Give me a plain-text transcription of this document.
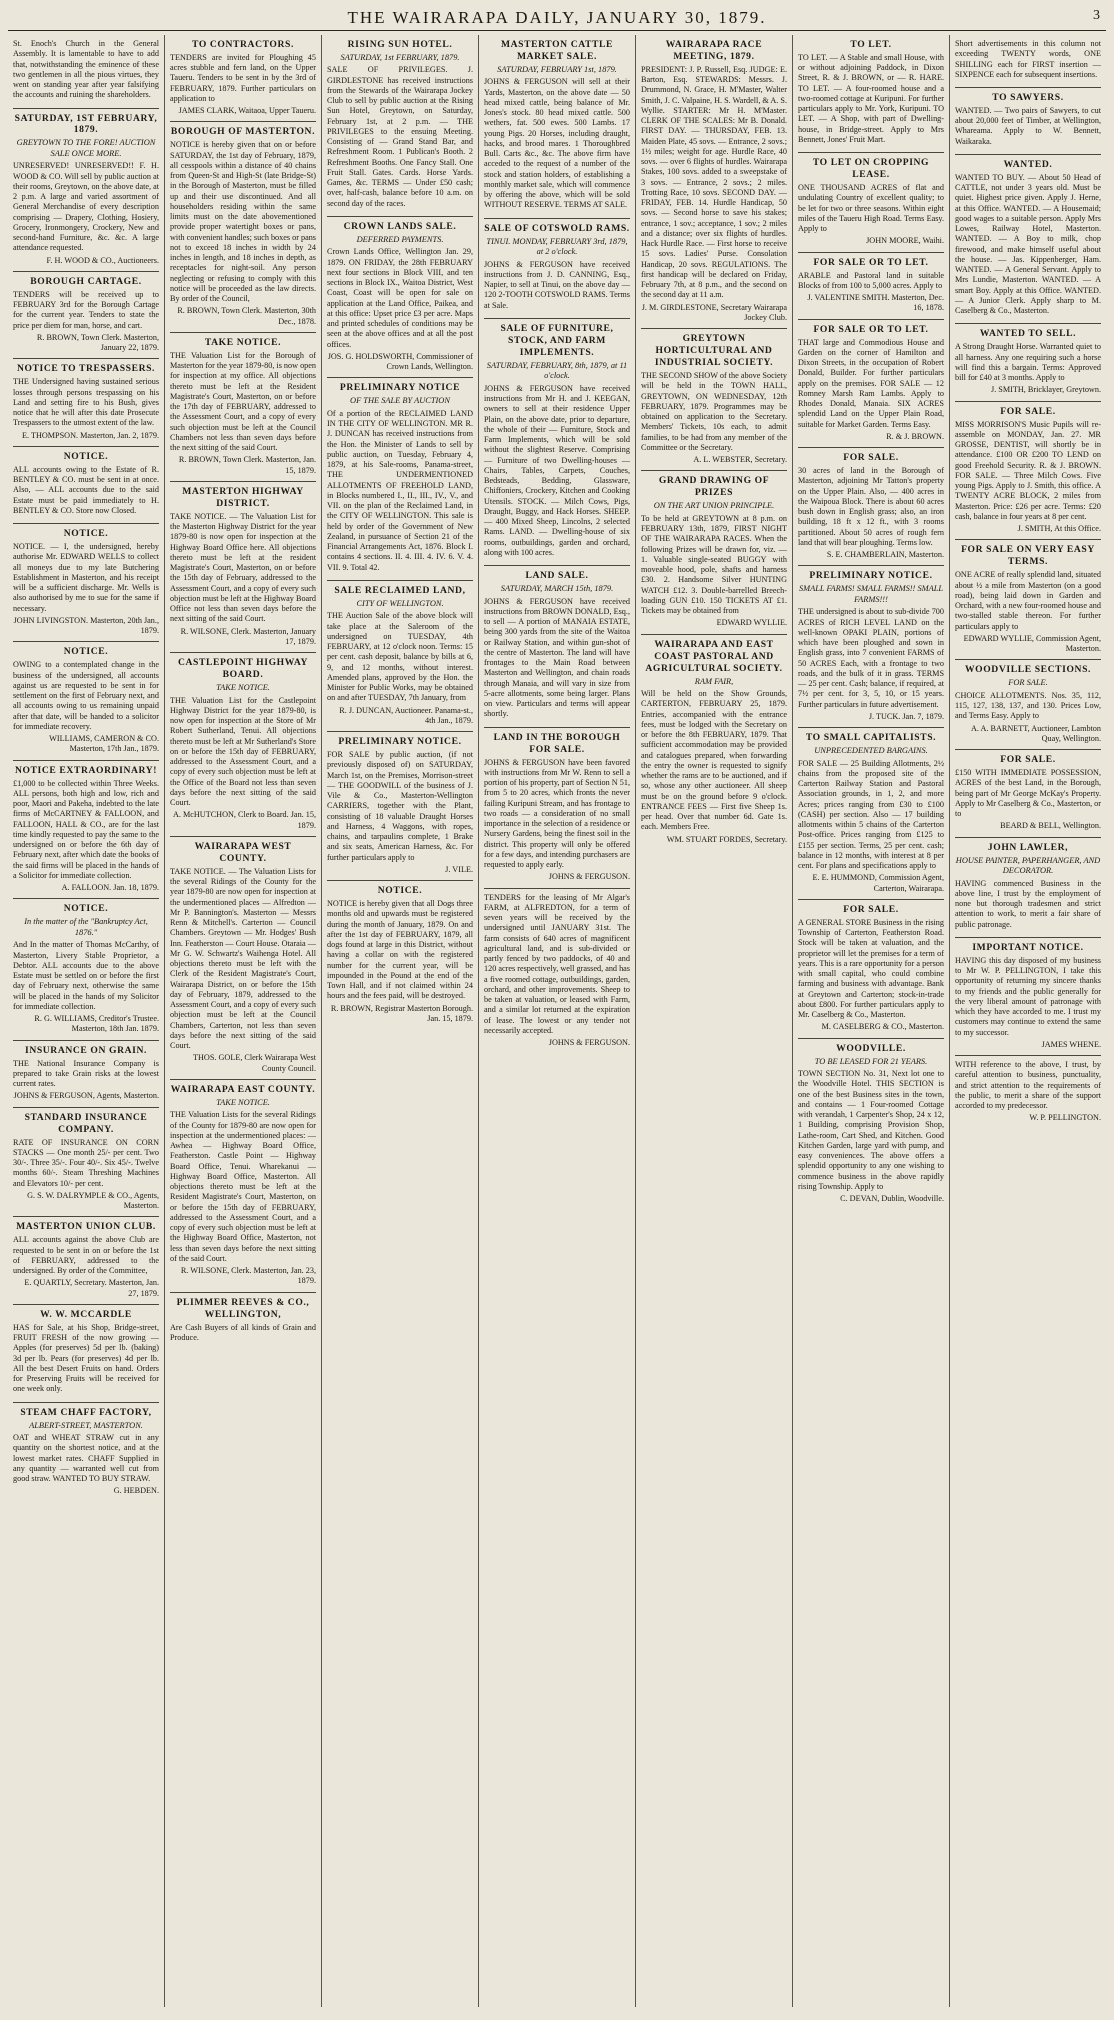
THE WAIRARAPA DAILY, JANUARY 30, 1879.	3
St. Enoch's Church in the General Assembly. It is lamentable to have to add that, notwithstanding the eminence of these two gentlemen in all the pious virtues, they went on standing year after year falsifying the accounts and ruining the shareholders.
SATURDAY, 1ST FEBRUARY, 1879.
GREYTOWN TO THE FORE! AUCTION SALE ONCE MORE.
UNRESERVED! UNRESERVED!! F. H. WOOD & CO. Will sell by public auction at their rooms, Greytown, on the above date, at 2 p.m. A large and varied assortment of General Merchandise of every description comprising — Drapery, Clothing, Hosiery, Grocery, Ironmongery, Crockery, New and second-hand Furniture, &c. &c. A large attendance requested.
F. H. WOOD & CO., Auctioneers.
BOROUGH CARTAGE.
TENDERS will be received up to FEBRUARY 3rd for the Borough Cartage for the current year. Tenders to state the price per diem for man, horse, and cart.
R. BROWN, Town Clerk. Masterton, January 22, 1879.
NOTICE TO TRESPASSERS.
THE Undersigned having sustained serious losses through persons trespassing on his Land and setting fire to his Bush, gives notice that he will after this date Prosecute Trespassers to the utmost extent of the law.
E. THOMPSON. Masterton, Jan. 2, 1879.
NOTICE.
ALL accounts owing to the Estate of R. BENTLEY & CO. must be sent in at once. Also, — ALL accounts due to the said Estate must be paid immediately to H. BENTLEY & CO. Store now Closed.
NOTICE.
NOTICE. — I, the undersigned, hereby authorise Mr. EDWARD WELLS to collect all moneys due to my late Butchering Establishment in Masterton, and his receipt will be a sufficient discharge. Mr. Wells is also authorised by me to sue for the same if necessary.
JOHN LIVINGSTON. Masterton, 20th Jan., 1879.
NOTICE.
OWING to a contemplated change in the business of the undersigned, all accounts against us are requested to be sent in for settlement on the first of February next, and all accounts owing to us remaining unpaid after that date, will be handed to a solicitor for immediate recovery.
WILLIAMS, CAMERON & CO. Masterton, 17th Jan., 1879.
NOTICE EXTRAORDINARY!
£1,000 to be collected within Three Weeks. ALL persons, both high and low, rich and poor, Maori and Pakeha, indebted to the late firms of McCARTNEY & FALLOON, and FALLOON, HALL & CO., are for the last time kindly requested to pay the same to the undersigned on or before the 6th day of February next, after which date the books of the said firms will be placed in the hands of a Solicitor for immediate collection.
A. FALLOON. Jan. 18, 1879.
NOTICE.
In the matter of the "Bankruptcy Act, 1876."
And In the matter of Thomas McCarthy, of Masterton, Livery Stable Proprietor, a Debtor. ALL accounts due to the above Estate must be settled on or before the first day of February next, otherwise the same will be placed in the hands of my Solicitor for immediate collection.
R. G. WILLIAMS, Creditor's Trustee. Masterton, 18th Jan. 1879.
INSURANCE ON GRAIN.
THE National Insurance Company is prepared to take Grain risks at the lowest current rates.
JOHNS & FERGUSON, Agents, Masterton.
STANDARD INSURANCE COMPANY.
RATE OF INSURANCE ON CORN STACKS — One month 25/- per cent. Two 30/-. Three 35/-. Four 40/-. Six 45/-. Twelve months 60/-. Steam Threshing Machines and Elevators 10/- per cent.
G. S. W. DALRYMPLE & CO., Agents, Masterton.
MASTERTON UNION CLUB.
ALL accounts against the above Club are requested to be sent in on or before the 1st of FEBRUARY, addressed to the undersigned. By order of the Committee,
E. QUARTLY, Secretary. Masterton, Jan. 27, 1879.
W. W. MCCARDLE
HAS for Sale, at his Shop, Bridge-street, FRUIT FRESH of the now growing — Apples (for preserves) 5d per lb. (baking) 3d per lb. Pears (for preserves) 4d per lb. All the best Desert Fruits on hand. Orders for Preserving Fruits will be received for one week only.
STEAM CHAFF FACTORY,
ALBERT-STREET, MASTERTON.
OAT and WHEAT STRAW cut in any quantity on the shortest notice, and at the lowest market rates. CHAFF Supplied in any quantity — warranted well cut from good straw. WANTED TO BUY STRAW.
G. HEBDEN.
TO CONTRACTORS.
TENDERS are invited for Ploughing 45 acres stubble and fern land, on the Upper Taueru. Tenders to be sent in by the 3rd of FEBRUARY, 1879. Further particulars on application to
JAMES CLARK, Waitaoa, Upper Taueru.
BOROUGH OF MASTERTON.
NOTICE is hereby given that on or before SATURDAY, the 1st day of February, 1879, all cesspools within a distance of 40 chains from Queen-St and High-St (late Bridge-St) in the Borough of Masterton, must be filled up and their use discontinued. And all householders residing within the same limits must on the date abovementioned provide proper watertight boxes or pans, with convenient handles; such boxes or pans not to exceed 18 inches in width by 24 inches in length, and 18 inches in depth, as receptacles for night-soil. Any person neglecting or refusing to comply with this notice will be proceeded as the law directs. By order of the Council,
R. BROWN, Town Clerk. Masterton, 30th Dec., 1878.
TAKE NOTICE.
THE Valuation List for the Borough of Masterton for the year 1879-80, is now open for inspection at my office. All objections thereto must be left at the Resident Magistrate's Court, Masterton, on or before the 17th day of FEBRUARY, addressed to the Assessment Court, and a copy of every such objection must be left at the Council Chambers not less than seven days before the next sitting of the said Court.
R. BROWN, Town Clerk. Masterton, Jan. 15, 1879.
MASTERTON HIGHWAY DISTRICT.
TAKE NOTICE. — The Valuation List for the Masterton Highway District for the year 1879-80 is now open for inspection at the Highway Board Office here. All objections thereto must be left at the resident Magistrate's Court, Masterton, on or before the 15th day of February, addressed to the Assessment Court, and a copy of every such objection must be left at the Highway Board Office not less than seven days before the next sitting of the said Court.
R. WILSONE, Clerk. Masterton, January 17, 1879.
CASTLEPOINT HIGHWAY BOARD.
TAKE NOTICE.
THE Valuation List for the Castlepoint Highway District for the year 1879-80, is now open for inspection at the Store of Mr Robert Sutherland, Tenui. All objections thereto must be left at Mr Sutherland's Store on or before the 15th day of FEBRUARY, addressed to the Assessment Court, and a copy of every such objection must be left at the Office of the Board not less than seven days before the next sitting of the said Court.
A. McHUTCHON, Clerk to Board. Jan. 15, 1879.
WAIRARAPA WEST COUNTY.
TAKE NOTICE. — The Valuation Lists for the several Ridings of the County for the year 1879-80 are now open for inspection at the undermentioned places — Alfredton — Mr P. Bannington's. Masterton — Messrs Renn & Mitchell's. Carterton — Council Chambers. Greytown — Mr. Hodges' Bush Inn. Featherston — Court House. Otaraia — Mr G. W. Schwartz's Waihenga Hotel. All objections thereto must be left with the Clerk of the Resident Magistrate's Court, Wairarapa District, on or before the 15th day of February, 1879, addressed to the Assessment Court, and a copy of every such objection must be left at the Council Chambers, Carterton, not less than seven days before the next sitting of the said Court.
THOS. GOLE, Clerk Wairarapa West County Council.
WAIRARAPA EAST COUNTY.
TAKE NOTICE.
THE Valuation Lists for the several Ridings of the County for 1879-80 are now open for inspection at the undermentioned places: — Awhea — Highway Board Office, Featherston. Castle Point — Highway Board Office, Tenui. Wharekanui — Highway Board Office, Masterton. All objections thereto must be left at the Resident Magistrate's Court, Masterton, on or before the 15th day of FEBRUARY, addressed to the Assessment Court, and a copy of every such objection must be left at the Highway Board Office, Masterton, not less than seven days before the next sitting of the said Court.
R. WILSONE, Clerk. Masterton, Jan. 23, 1879.
PLIMMER REEVES & CO., WELLINGTON,
Are Cash Buyers of all kinds of Grain and Produce.
RISING SUN HOTEL.
SATURDAY, 1st FEBRUARY, 1879.
SALE OF PRIVILEGES. J. GIRDLESTONE has received instructions from the Stewards of the Wairarapa Jockey Club to sell by public auction at the Rising Sun Hotel, Greytown, on Saturday, February 1st, at 2 p.m. — THE PRIVILEGES to the ensuing Meeting. Consisting of — Grand Stand Bar, and Refreshment Room. 1 Publican's Booth. 2 Refreshment Booths. One Fancy Stall. One Fruit Stall. Gates. Cards. Horse Yards. Games, &c. TERMS — Under £50 cash; over, half-cash, balance before 10 a.m. on second day of the races.
CROWN LANDS SALE.
DEFERRED PAYMENTS.
Crown Lands Office, Wellington Jan. 29, 1879. ON FRIDAY, the 28th FEBRUARY next four sections in Block VIII, and ten sections in Block IX., Waitoa District, West Coast, Coast will be open for sale on application at the Land Office, Paikea, and at this office: Upset price £3 per acre. Maps and printed schedules of conditions may be seen at the above offices and at all the post offices.
JOS. G. HOLDSWORTH, Commissioner of Crown Lands, Wellington.
PRELIMINARY NOTICE
OF THE SALE BY AUCTION
Of a portion of the RECLAIMED LAND IN THE CITY OF WELLINGTON. MR R. J. DUNCAN has received instructions from the Hon. the Minister of Lands to sell by public auction, on Tuesday, February 4, 1879, at his Sale-rooms, Panama-street, THE UNDERMENTIONED ALLOTMENTS OF FREEHOLD LAND, in Blocks numbered I., II., III., IV., V., and VII. on the plan of the Reclaimed Land, in the CITY OF WELLINGTON. This sale is held by order of the Government of New Zealand, in pursuance of Section 21 of the Financial Arrangements Act, 1876. Block I. contains 4 sections. II. 4. III. 4. IV. 6. V. 4. VII. 9. Total 42.
SALE RECLAIMED LAND,
CITY OF WELLINGTON.
THE Auction Sale of the above block will take place at the Saleroom of the undersigned on TUESDAY, 4th FEBRUARY, at 12 o'clock noon. Terms: 15 per cent. cash deposit, balance by bills at 6, 9, and 12 months, without interest. Amended plans, approved by the Hon. the Minister for Public Works, may be obtained on and after TUESDAY, 7th January, from
R. J. DUNCAN, Auctioneer. Panama-st., 4th Jan., 1879.
PRELIMINARY NOTICE.
FOR SALE by public auction, (if not previously disposed of) on SATURDAY, March 1st, on the Premises, Morrison-street — THE GOODWILL of the business of J. Vile & Co., Masterton-Wellington CARRIERS, together with the Plant, consisting of 18 valuable Draught Horses and Harness, 4 Waggons, with ropes, chains, and tarpaulins complete, 1 Brake and six seats, American Harness, &c. For further particulars apply to
J. VILE.
NOTICE.
NOTICE is hereby given that all Dogs three months old and upwards must be registered during the month of January, 1879. On and after the 1st day of FEBRUARY, 1879, all dogs found at large in this District, without having a collar on with the registered number for the current year, will be impounded in the Pound at the end of the Town Hall, and if not claimed within 24 hours and the fees paid, will be destroyed.
R. BROWN, Registrar Masterton Borough. Jan. 15, 1879.
MASTERTON CATTLE MARKET SALE.
SATURDAY, FEBRUARY 1st, 1879.
JOHNS & FERGUSON will sell at their Yards, Masterton, on the above date — 50 head mixed cattle, being balance of Mr. Jones's stock. 80 head mixed cattle. 500 wethers, fat. 500 ewes. 500 Lambs. 17 young Pigs. 20 Horses, including draught, hacks, and brood mares. 1 Thoroughbred Bull. Carts &c., &c. The above firm have acceded to the request of a number of the stock and station holders, of establishing a monthly market sale, which will commence by offering the above, which will be sold WITHOUT RESERVE. TERMS AT SALE.
SALE OF COTSWOLD RAMS.
TINUI. MONDAY, FEBRUARY 3rd, 1879, at 2 o'clock.
JOHNS & FERGUSON have received instructions from J. D. CANNING, Esq., Napier, to sell at Tinui, on the above day — 120 2-TOOTH COTSWOLD RAMS. Terms at Sale.
SALE OF FURNITURE, STOCK, AND FARM IMPLEMENTS.
SATURDAY, FEBRUARY, 8th, 1879, at 11 o'clock.
JOHNS & FERGUSON have received instructions from Mr H. and J. KEEGAN, owners to sell at their residence Upper Plain, on the above date, prior to departure, the whole of their — Furniture, Stock and Farm Implements, which will be sold without the slightest Reserve. Comprising — Furniture of two Dwelling-houses — Chairs, Tables, Carpets, Couches, Bedsteads, Bedding, Glassware, Chiffoniers, Crockery, Kitchen and Cooking Utensils. STOCK. — Milch Cows, Pigs, Draught, Buggy, and Hack Horses. SHEEP. — 400 Mixed Sheep, Lincolns, 2 selected Rams. LAND. — Dwelling-house of six rooms, outbuildings, garden and orchard, along with 100 acres.
LAND SALE.
SATURDAY, MARCH 15th, 1879.
JOHNS & FERGUSON have received instructions from BROWN DONALD, Esq., to sell — A portion of MANAIA ESTATE, being 300 yards from the site of the Waitoa or Railway Station, and within gun-shot of the centre of Masterton. The land will have frontages to the Main Road between Masterton and Wellington, and chain roads through Manaia, and will vary in size from 5-acre allotments, some being larger. Plans on view. Particulars and terms will appear shortly.
LAND IN THE BOROUGH FOR SALE.
JOHNS & FERGUSON have been favored with instructions from Mr W. Renn to sell a portion of his property, part of Section N 51, from 5 to 20 acres, which fronts the never failing Kuripuni Stream, and has frontage to two roads — a consideration of no small importance in the selection of a residence or Nursery Gardens, being the finest soil in the district. This property will only be offered for a few days, and intending purchasers are requested to apply early.
JOHNS & FERGUSON.
TENDERS for the leasing of Mr Algar's FARM, at ALFREDTON, for a term of seven years will be received by the undersigned until JANUARY 31st. The farm consists of 640 acres of magnificent agricultural land, and is sub-divided or partly fenced by two paddocks, of 40 and 120 acres respectively, well grassed, and has a five roomed cottage, outbuildings, garden, orchard, and other improvements. Sheep to be taken at valuation, or leased with Farm, and a similar lot returned at the expiration of lease. The lowest or any tender not necessarily accepted.
JOHNS & FERGUSON.
WAIRARAPA RACE MEETING, 1879.
PRESIDENT: J. P. Russell, Esq. JUDGE: E. Barton, Esq. STEWARDS: Messrs. J. Drummond, N. Grace, H. M'Master, Walter Smith, J. C. Valpaine, H. S. Wardell, & A. S. Wyllie. STARTER: Mr H. M'Master. CLERK OF THE SCALES: Mr B. Donald. FIRST DAY. — THURSDAY, FEB. 13. Maiden Plate, 45 sovs. — Entrance, 2 sovs.; 1½ miles; weight for age. Hurdle Race, 40 sovs. — over 6 flights of hurdles. Wairarapa Stakes, 100 sovs. added to a sweepstake of 3 sovs. — Entrance, 2 sovs.; 2 miles. Trotting Race, 10 sovs. SECOND DAY. — FRIDAY, FEB. 14. Hurdle Handicap, 50 sovs. — Second horse to save his stakes; entrance, 1 sov.; acceptance, 1 sov.; 2 miles and a distance; over six flights of hurdles. Hack Hurdle Race. — First horse to receive 15 sovs. Ladies' Purse. Consolation Handicap, 20 sovs. REGULATIONS. The first handicap will be declared on Friday, February 7th, at 8 p.m., and the second on the second day at 11 a.m.
J. M. GIRDLESTONE, Secretary Wairarapa Jockey Club.
GREYTOWN HORTICULTURAL AND INDUSTRIAL SOCIETY.
THE SECOND SHOW of the above Society will be held in the TOWN HALL, GREYTOWN, ON WEDNESDAY, 12th FEBRUARY, 1879. Programmes may be obtained on application to the Secretary. Members' Tickets, 10s each, to admit families, to be had from any member of the Committee or the Secretary.
A. L. WEBSTER, Secretary.
GRAND DRAWING OF PRIZES
ON THE ART UNION PRINCIPLE.
To be held at GREYTOWN at 8 p.m. on FEBRUARY 13th, 1879, FIRST NIGHT OF THE WAIRARAPA RACES. When the following Prizes will be drawn for, viz. — 1. Valuable single-seated BUGGY with moveable hood, pole, shafts and harness £30. 2. Handsome Silver HUNTING WATCH £12. 3. Double-barrelled Breech-loading GUN £10. 150 TICKETS AT £1. Tickets may be obtained from
EDWARD WYLLIE.
WAIRARAPA AND EAST COAST PASTORAL AND AGRICULTURAL SOCIETY.
RAM FAIR,
Will be held on the Show Grounds, CARTERTON, FEBRUARY 25, 1879. Entries, accompanied with the entrance fees, must be lodged with the Secretary on or before the 8th FEBRUARY, 1879. That sufficient accommodation may be provided and catalogues prepared, when forwarding the entry the owner is requested to signify whether the rams are to be auctioned, and if so, whose any other auctioneer. All sheep must be on the ground before 9 o'clock. ENTRANCE FEES — First five Sheep 1s. per head. Over that number 6d. Gate 1s. each. Members Free.
WM. STUART FORDES, Secretary.
TO LET.
TO LET. — A Stable and small House, with or without adjoining Paddock, in Dixon Street, R. & J. BROWN, or — R. HARE. TO LET. — A four-roomed house and a two-roomed cottage at Kuripuni. For further particulars apply to Mr. York, Kuripuni. TO LET. — A Shop, with part of Dwelling-house, in Bridge-street. Apply to Mrs Bennett, Jones' Fruit Mart.
TO LET ON CROPPING LEASE.
ONE THOUSAND ACRES of flat and undulating Country of excellent quality; to be let for two or three seasons. Within eight miles of the Taueru High Road. Terms Easy. Apply to
JOHN MOORE, Waihi.
FOR SALE OR TO LET.
ARABLE and Pastoral land in suitable Blocks of from 100 to 5,000 acres. Apply to
J. VALENTINE SMITH. Masterton, Dec. 16, 1878.
FOR SALE OR TO LET.
THAT large and Commodious House and Garden on the corner of Hamilton and Dixon Streets, in the occupation of Robert Donald, Builder. For further particulars apply on the premises. FOR SALE — 12 Romney Marsh Ram Lambs. Apply to Rhodes Donald, Manaia. SIX ACRES splendid Land on the Upper Plain Road, suitable for Market Garden. Terms Easy.
R. & J. BROWN.
FOR SALE.
30 acres of land in the Borough of Masterton, adjoining Mr Tatton's property on the Upper Plain. Also, — 400 acres in the Waipoua Block. There is about 60 acres bush down in English grass; also, an iron building, 18 ft x 12 ft., with 3 rooms partitioned. About 50 acres of rough fern land that will bear ploughing. Terms low.
S. E. CHAMBERLAIN, Masterton.
PRELIMINARY NOTICE.
SMALL FARMS! SMALL FARMS!! SMALL FARMS!!!
THE undersigned is about to sub-divide 700 ACRES of RICH LEVEL LAND on the well-known OPAKI PLAIN, portions of which have been ploughed and sown in English grass, into 7 convenient FARMS of 50 ACRES Each, with a frontage to two roads, and the bulk of it in grass. TERMS — 25 per cent. Cash; balance, if required, at 7½ per cent. for 3, 5, 10, or 15 years. Further particulars in future advertisement.
J. TUCK. Jan. 7, 1879.
TO SMALL CAPITALISTS.
UNPRECEDENTED BARGAINS.
FOR SALE — 25 Building Allotments, 2½ chains from the proposed site of the Carterton Railway Station and Pastoral Association grounds, in 1, 2, and more Acres; prices ranging from £30 to £100 (CASH) per section. Also — 17 building allotments within 5 chains of the Carterton Post-office. Prices ranging from £125 to £155 per section. Terms, 25 per cent. cash; balance in 12 months, with interest at 8 per cent. For plans and specifications apply to
E. E. HUMMOND, Commission Agent, Carterton, Wairarapa.
FOR SALE.
A GENERAL STORE Business in the rising Township of Carterton, Featherston Road. Stock will be taken at valuation, and the proprietor will let the premises for a term of years. This is a rare opportunity for a person with small capital, who could combine farming and business with advantage. Bank at Greytown and Carterton; stock-in-trade about £800. For further particulars apply to Mr. Caselberg & Co., Masterton.
M. CASELBERG & CO., Masterton.
WOODVILLE.
TO BE LEASED FOR 21 YEARS.
TOWN SECTION No. 31, Next lot one to the Woodville Hotel. THIS SECTION is one of the best Business sites in the town, and contains — 1 Four-roomed Cottage with verandah, 1 Carpenter's Shop, 24 x 12, 1 Building, comprising Provision Shop, Lathe-room, Cart Shed, and Kitchen. Good Kitchen Garden, large yard with pump, and easy conveniences. The above offers a splendid opportunity to any one wishing to commence business in the above rapidly rising Township. Apply to
C. DEVAN, Dublin, Woodville.
Short advertisements in this column not exceeding TWENTY words, ONE SHILLING each for FIRST insertion — SIXPENCE each for subsequent insertions.
TO SAWYERS.
WANTED. — Two pairs of Sawyers, to cut about 20,000 feet of Timber, at Wellington, Whareama. Apply to W. Bennett, Waikaraka.
WANTED.
WANTED TO BUY. — About 50 Head of CATTLE, not under 3 years old. Must be quiet. Highest price given. Apply J. Herne, at this Office. WANTED. — A Housemaid; good wages to a suitable person. Apply Mrs Lowes, Railway Hotel, Masterton. WANTED. — A Boy to milk, chop firewood, and make himself useful about the house. — Jas. Kippenberger, Ham. WANTED. — A General Servant. Apply to Mrs Lundie, Masterton. WANTED. — A smart Boy. Apply at this Office. WANTED. — A Junior Clerk. Apply sharp to M. Caselberg & Co., Masterton.
WANTED TO SELL.
A Strong Draught Horse. Warranted quiet to all harness. Any one requiring such a horse will find this a bargain. Terms: Approved bill for £40 at 3 months. Apply to
J. SMITH, Bricklayer, Greytown.
FOR SALE.
MISS MORRISON'S Music Pupils will re-assemble on MONDAY, Jan. 27. MR GROSSE, DENTIST, will shortly be in attendance. £100 OR £200 TO LEND on good Freehold Security. R. & J. BROWN. FOR SALE. — Three Milch Cows. Five young Pigs. Apply to J. Smith, this office. A TWENTY ACRE BLOCK, 2 miles from Masterton. Price: £26 per acre. Terms: £20 cash, balance in four years at 8 per cent.
J. SMITH, At this Office.
FOR SALE ON VERY EASY TERMS.
ONE ACRE of really splendid land, situated about ½ a mile from Masterton (on a good road), being laid down in Garden and Orchard, with a new four-roomed house and two-stalled stable thereon. For further particulars apply to
EDWARD WYLLIE, Commission Agent, Masterton.
WOODVILLE SECTIONS.
FOR SALE.
CHOICE ALLOTMENTS. Nos. 35, 112, 115, 127, 138, 137, and 130. Prices Low, and Terms Easy. Apply to
A. A. BARNETT, Auctioneer, Lambton Quay, Wellington.
FOR SALE.
£150 WITH IMMEDIATE POSSESSION, ACRES of the best Land, in the Borough, being part of Mr George McKay's Property. Apply to Mr Caselberg & Co., Masterton, or to
BEARD & BELL, Wellington.
JOHN LAWLER,
HOUSE PAINTER, PAPERHANGER, AND DECORATOR.
HAVING commenced Business in the above line, I trust by the employment of none but thorough tradesmen and strict attention to work, to merit a fair share of public patronage.
IMPORTANT NOTICE.
HAVING this day disposed of my business to Mr W. P. PELLINGTON, I take this opportunity of returning my sincere thanks to my friends and the public generally for the very liberal amount of patronage with which they have accorded to me. I trust my customers may continue to extend the same to my successor.
JAMES WHENE.
WITH reference to the above, I trust, by careful attention to business, punctuality, and strict attention to the requirements of the public, to merit a share of the support accorded to my predecessor.
W. P. PELLINGTON.
